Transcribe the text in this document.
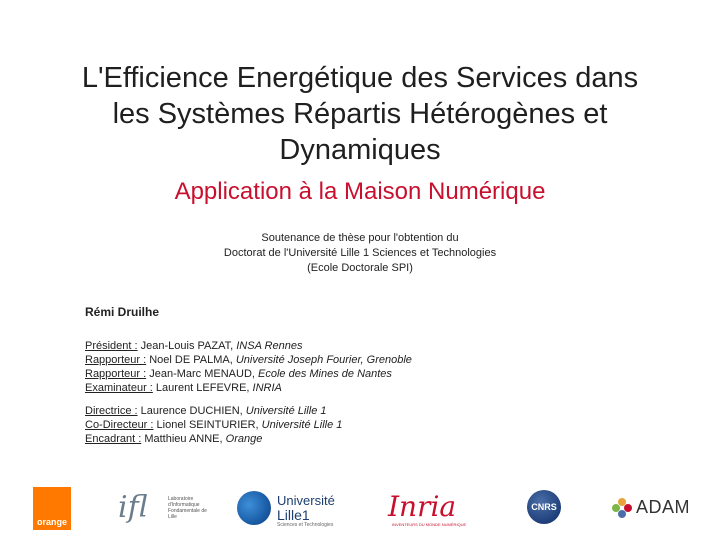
L'Efficience Energétique des Services dans
les Systèmes Répartis Hétérogènes et
Dynamiques
Application à la Maison Numérique
Soutenance de thèse pour l'obtention du
Doctorat de l'Université Lille 1 Sciences et Technologies
(Ecole Doctorale SPI)
Rémi Druilhe
Président : Jean-Louis PAZAT, INSA Rennes
Rapporteur : Noel DE PALMA, Université Joseph Fourier, Grenoble
Rapporteur : Jean-Marc MENAUD, Ecole des Mines de Nantes
Examinateur : Laurent LEFEVRE, INRIA
Directrice : Laurence DUCHIEN, Université Lille 1
Co-Directeur : Lionel SEINTURIER, Université Lille 1
Encadrant : Matthieu ANNE, Orange
orange ifl	Laboratoire d'Informatique Fondamentale de Lille
Université
Lille1
Sciences et Technologies
Inria
INVENTEURS DU MONDE NUMÉRIQUE
CNRS	ADAM
